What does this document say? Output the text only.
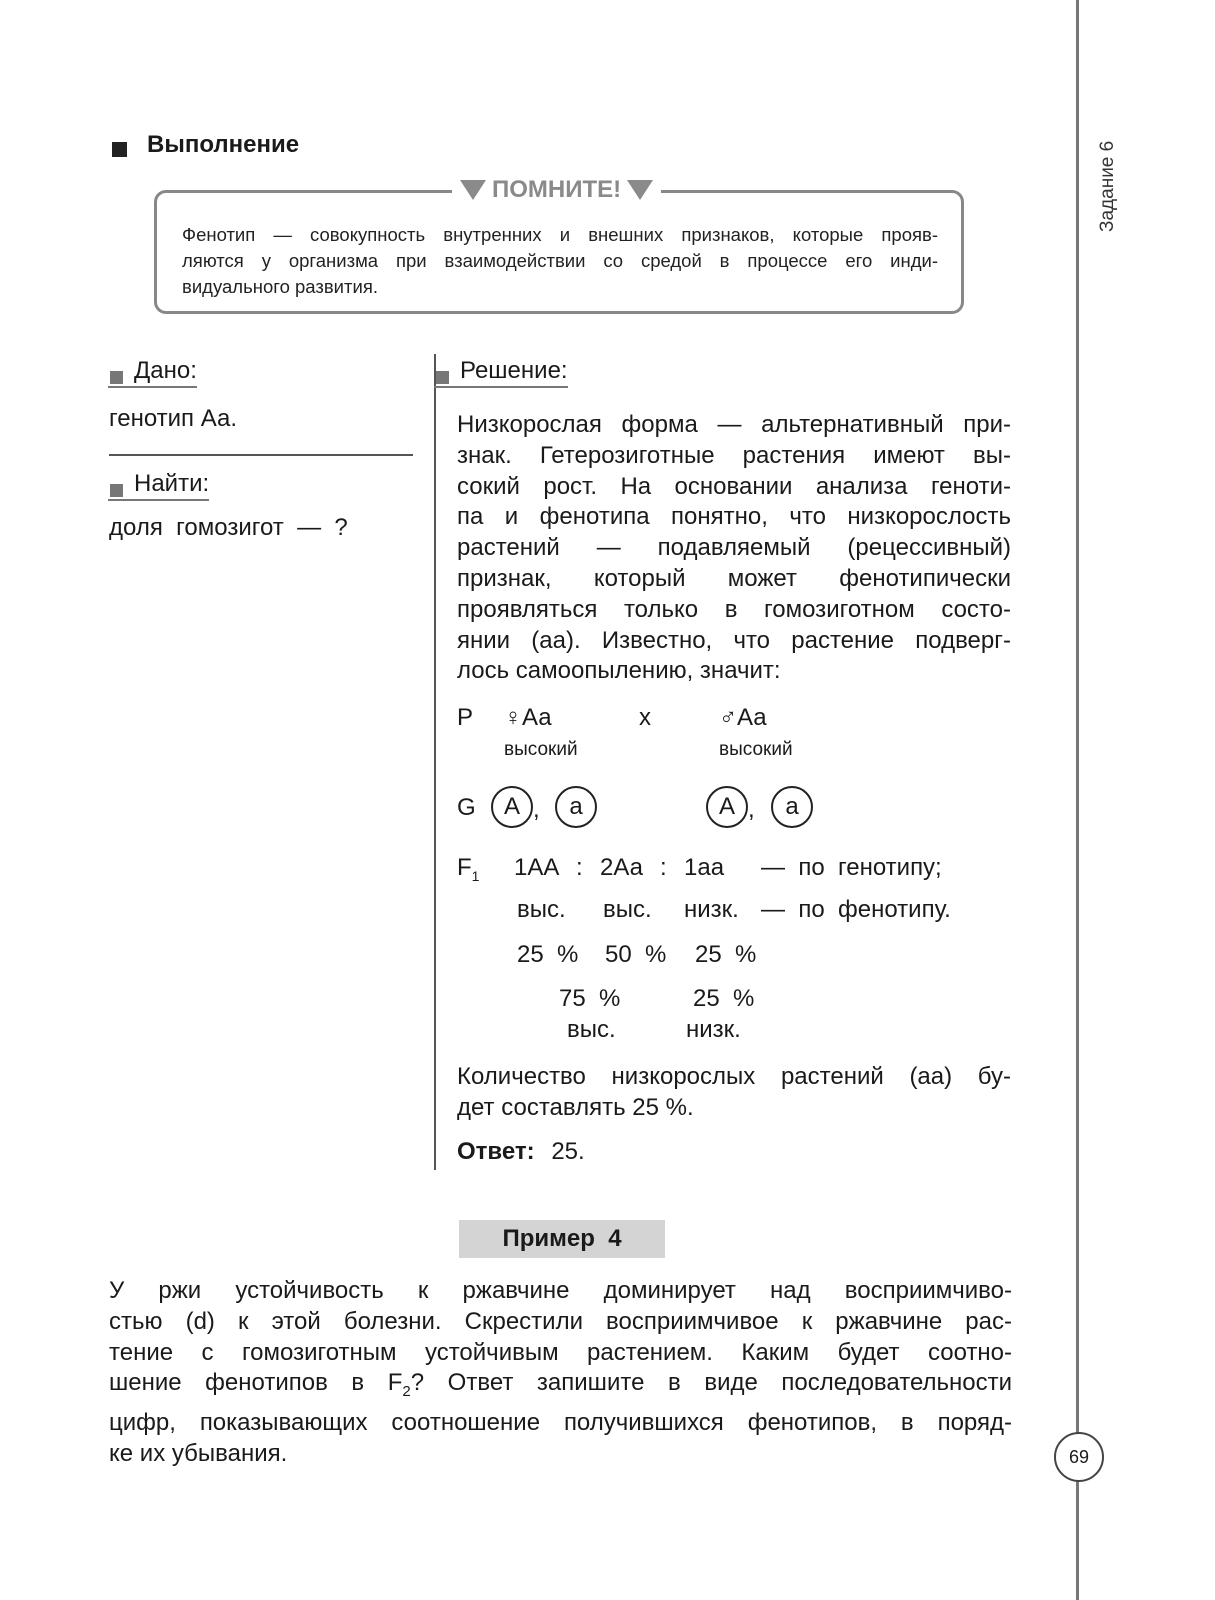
Задание 6
69
Выполнение
ПОМНИТЕ!
Фенотип — совокупность внутренних и внешних признаков, которые прояв-
ляются у организма при взаимодействии со средой в процессе его инди-
видуального развития.
Дано:
генотип Аа.
Найти:
доля  гомозигот  —  ?
Решение:
Низкорослая форма — альтернативный при-
знак. Гетерозиготные растения имеют вы-
сокий рост. На основании анализа геноти-
па и фенотипа понятно, что низкорослость
растений — подавляемый (рецессивный)
признак, который может фенотипически
проявляться только в гомозиготном состо-
янии (аа). Известно, что растение подверг-
лось самоопылению, значит:
P ♀Аа	х	♂Аа
высокий	высокий
G	A ,	a	A ,	a
$F_1$ 1АА : 2Аа : 1аа —  по  генотипу;
выс. выс. низк. —  по  фенотипу.
25  % 50  % 25  %
75  %	25  %
выс.	низк.
Количество низкорослых растений (аа) бу-
дет составлять 25 %.
Ответ: 25.
Пример  4
У ржи устойчивость к ржавчине доминирует над восприимчиво-
стью (d) к этой болезни. Скрестили восприимчивое к ржавчине рас-
тение с гомозиготным устойчивым растением. Каким будет соотно-
шение фенотипов в $F_2$? Ответ запишите в виде последовательности
цифр, показывающих соотношение получившихся фенотипов, в поряд-
ке их убывания.
